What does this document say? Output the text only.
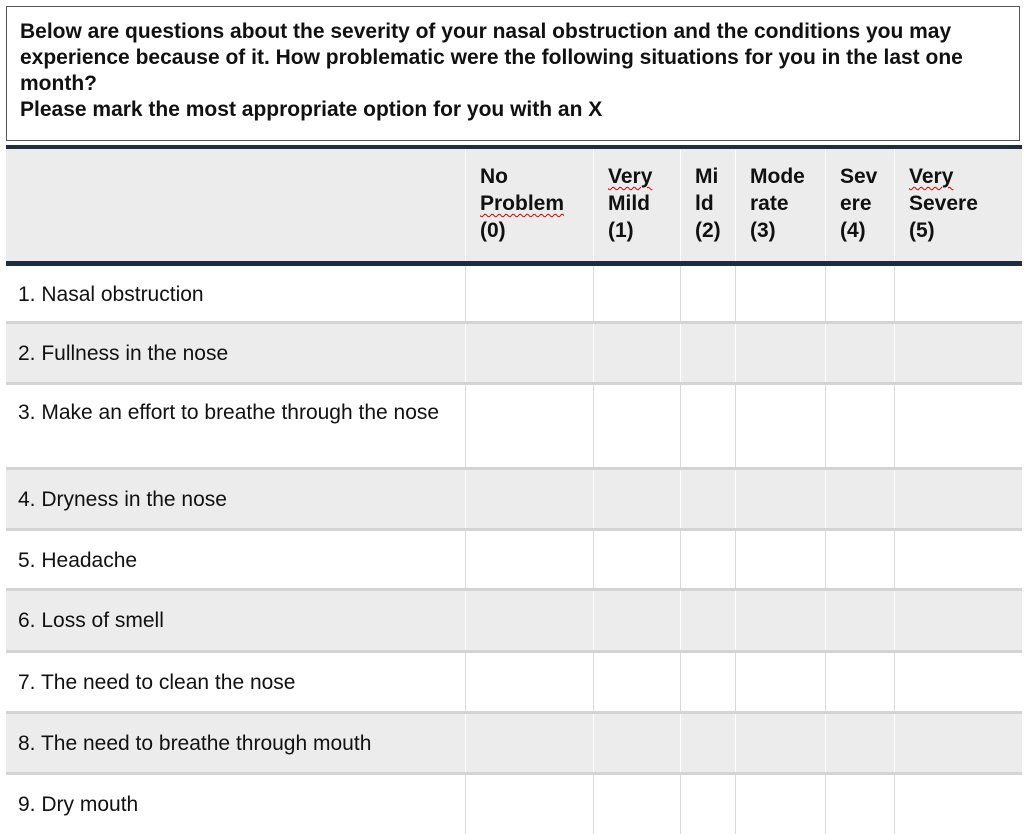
Below are questions about the severity of your nasal obstruction and the conditions you may experience because of it. How problematic were the following situations for you in the last one month?

Please mark the most appropriate option for you with an X

No
Problem
(0)
Very
Mild
(1)
Mi
ld
(2)
Mode
rate
(3)
Sev
ere
(4)
Very
Severe
(5)
1. Nasal obstruction
2. Fullness in the nose
3. Make an effort to breathe through the nose
4. Dryness in the nose
5. Headache
6. Loss of smell
7. The need to clean the nose
8. The need to breathe through mouth
9. Dry mouth
